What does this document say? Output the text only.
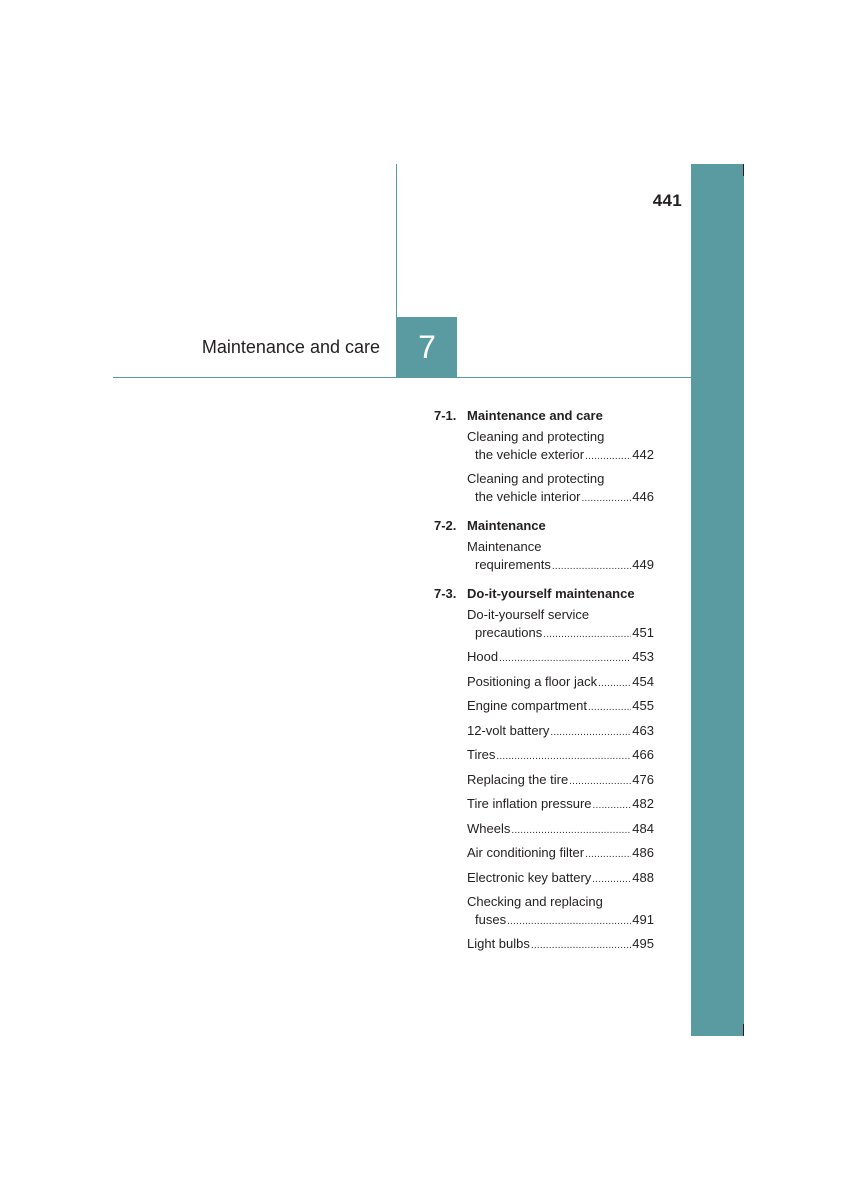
441
Maintenance and care 7
7-1. Maintenance and care
Cleaning and protecting
the vehicle exterior .....	442
Cleaning and protecting
the vehicle interior .....	446
7-2. Maintenance
Maintenance
requirements .....	449
7-3. Do-it-yourself maintenance
Do-it-yourself service
precautions .....	451
Hood .....	453
Positioning a floor jack .....	454
Engine compartment .....	455
12-volt battery .....	463
Tires .....	466
Replacing the tire .....	476
Tire inflation pressure .....	482
Wheels .....	484
Air conditioning filter .....	486
Electronic key battery .....	488
Checking and replacing
fuses .....	491
Light bulbs .....	495
